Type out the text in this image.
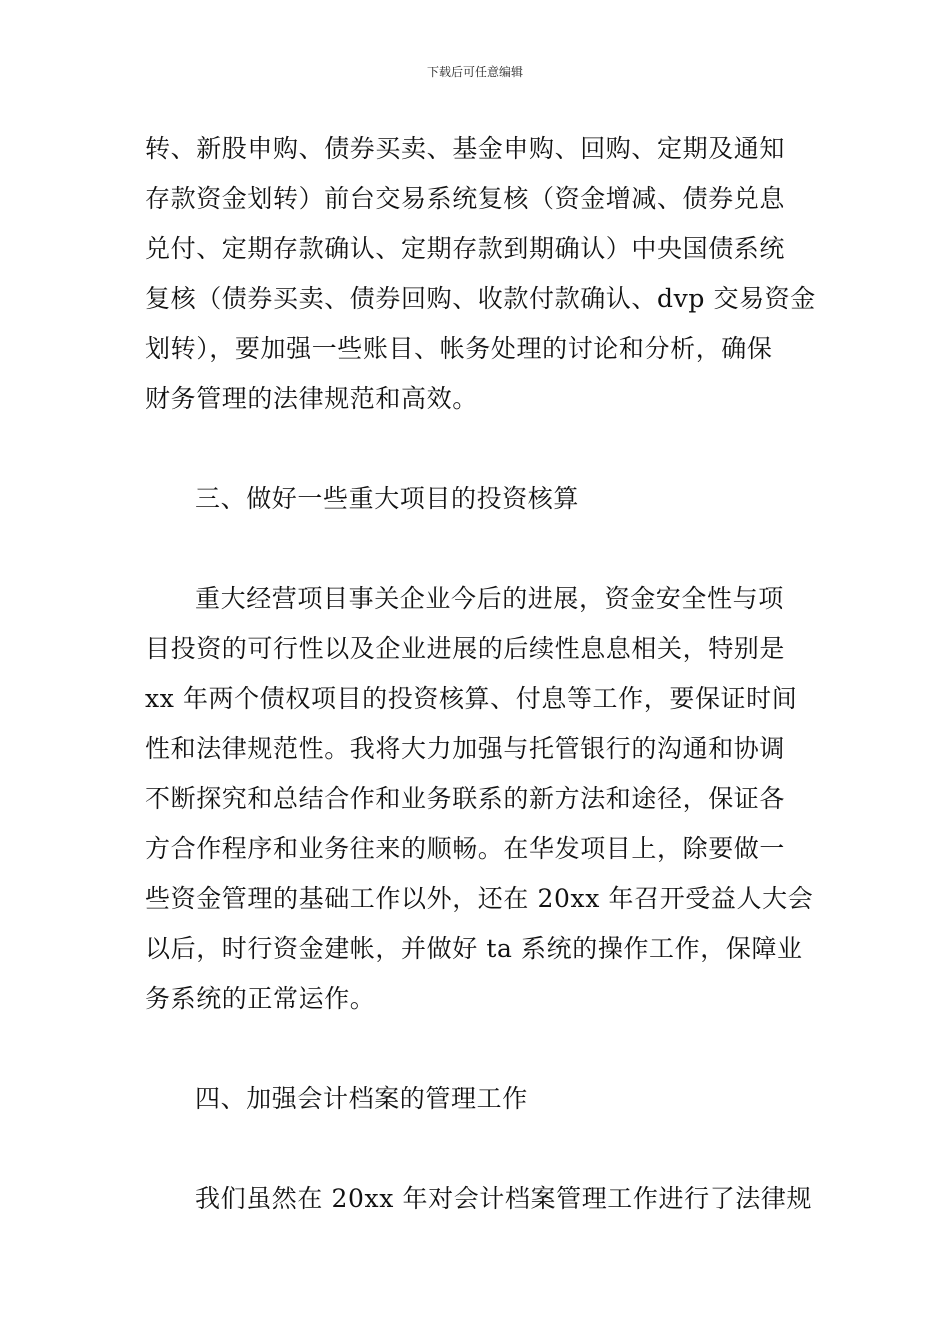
下载后可任意编辑
转、新股申购、债券买卖、基金申购、回购、定期及通知
存款资金划转）前台交易系统复核（资金增减、债券兑息
兑付、定期存款确认、定期存款到期确认）中央国债系统
复核（债券买卖、债券回购、收款付款确认、dvp 交易资金
划转），要加强一些账目、帐务处理的讨论和分析，确保
财务管理的法律规范和高效。
三、做好一些重大项目的投资核算
重大经营项目事关企业今后的进展，资金安全性与项
目投资的可行性以及企业进展的后续性息息相关，特别是
xx 年两个债权项目的投资核算、付息等工作，要保证时间
性和法律规范性。我将大力加强与托管银行的沟通和协调
不断探究和总结合作和业务联系的新方法和途径，保证各
方合作程序和业务往来的顺畅。在华发项目上，除要做一
些资金管理的基础工作以外，还在 20xx 年召开受益人大会
以后，时行资金建帐，并做好 ta 系统的操作工作，保障业
务系统的正常运作。
四、加强会计档案的管理工作
我们虽然在 20xx 年对会计档案管理工作进行了法律规
